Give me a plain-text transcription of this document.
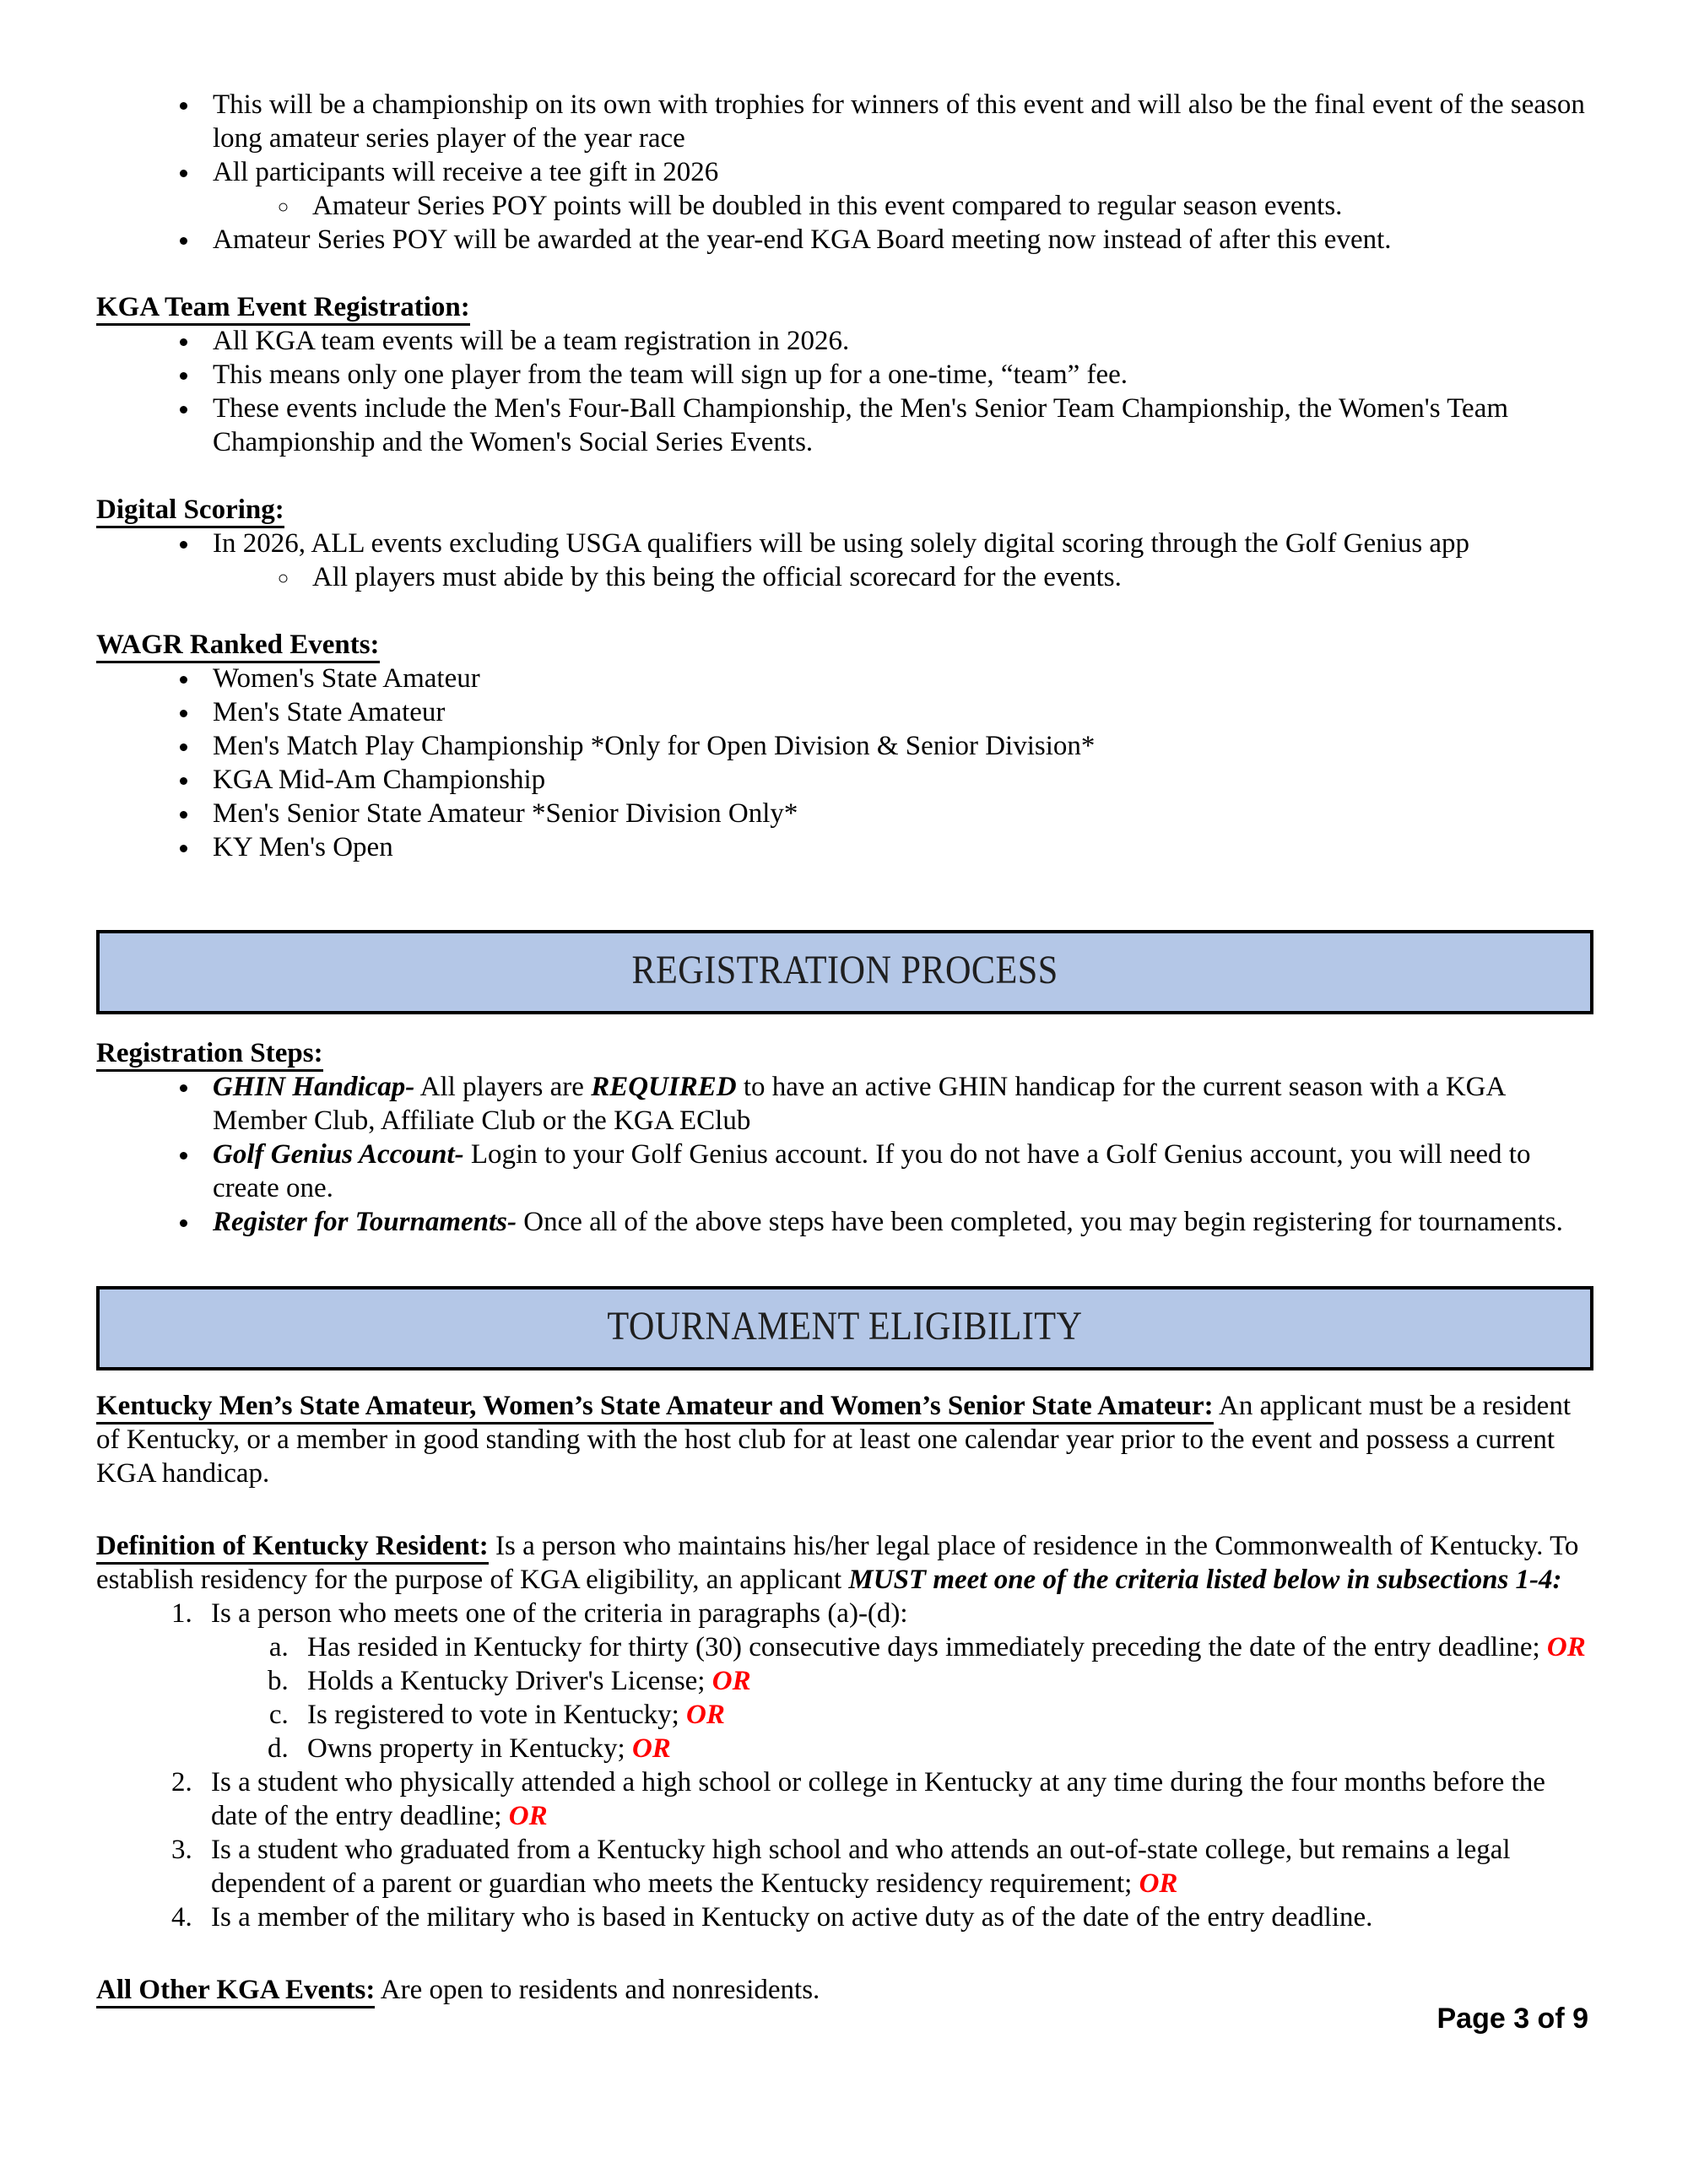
• This will be a championship on its own with trophies for winners of this event and will also be the final event of the season long amateur series player of the year race
• All participants will receive a tee gift in 2026
◦ Amateur Series POY points will be doubled in this event compared to regular season events.
• Amateur Series POY will be awarded at the year-end KGA Board meeting now instead of after this event.

KGA Team Event Registration:

• All KGA team events will be a team registration in 2026.
• This means only one player from the team will sign up for a one-time, “team” fee.
• These events include the Men's Four-Ball Championship, the Men's Senior Team Championship, the Women's Team Championship and the Women's Social Series Events.

Digital Scoring:

• In 2026, ALL events excluding USGA qualifiers will be using solely digital scoring through the Golf Genius app
◦ All players must abide by this being the official scorecard for the events.

WAGR Ranked Events:

• Women's State Amateur
• Men's State Amateur
• Men's Match Play Championship *Only for Open Division & Senior Division*
• KGA Mid-Am Championship
• Men's Senior State Amateur *Senior Division Only*
• KY Men's Open
REGISTRATION PROCESS

Registration Steps:

• GHIN Handicap- All players are REQUIRED to have an active GHIN handicap for the current season with a KGA Member Club, Affiliate Club or the KGA EClub
• Golf Genius Account- Login to your Golf Genius account. If you do not have a Golf Genius account, you will need to create one.
• Register for Tournaments- Once all of the above steps have been completed, you may begin registering for tournaments.
TOURNAMENT ELIGIBILITY

Kentucky Men’s State Amateur, Women’s State Amateur and Women’s Senior State Amateur: An applicant must be a resident of Kentucky, or a member in good standing with the host club for at least one calendar year prior to the event and possess a current KGA handicap.

Definition of Kentucky Resident: Is a person who maintains his/her legal place of residence in the Commonwealth of Kentucky. To establish residency for the purpose of KGA eligibility, an applicant MUST meet one of the criteria listed below in subsections 1-4:

1. Is a person who meets one of the criteria in paragraphs (a)-(d):
a. Has resided in Kentucky for thirty (30) consecutive days immediately preceding the date of the entry deadline; OR
b. Holds a Kentucky Driver's License; OR
c. Is registered to vote in Kentucky; OR
d. Owns property in Kentucky; OR
2. Is a student who physically attended a high school or college in Kentucky at any time during the four months before the date of the entry deadline; OR
3. Is a student who graduated from a Kentucky high school and who attends an out-of-state college, but remains a legal dependent of a parent or guardian who meets the Kentucky residency requirement; OR
4. Is a member of the military who is based in Kentucky on active duty as of the date of the entry deadline.

All Other KGA Events: Are open to residents and nonresidents.

Page 3 of 9
